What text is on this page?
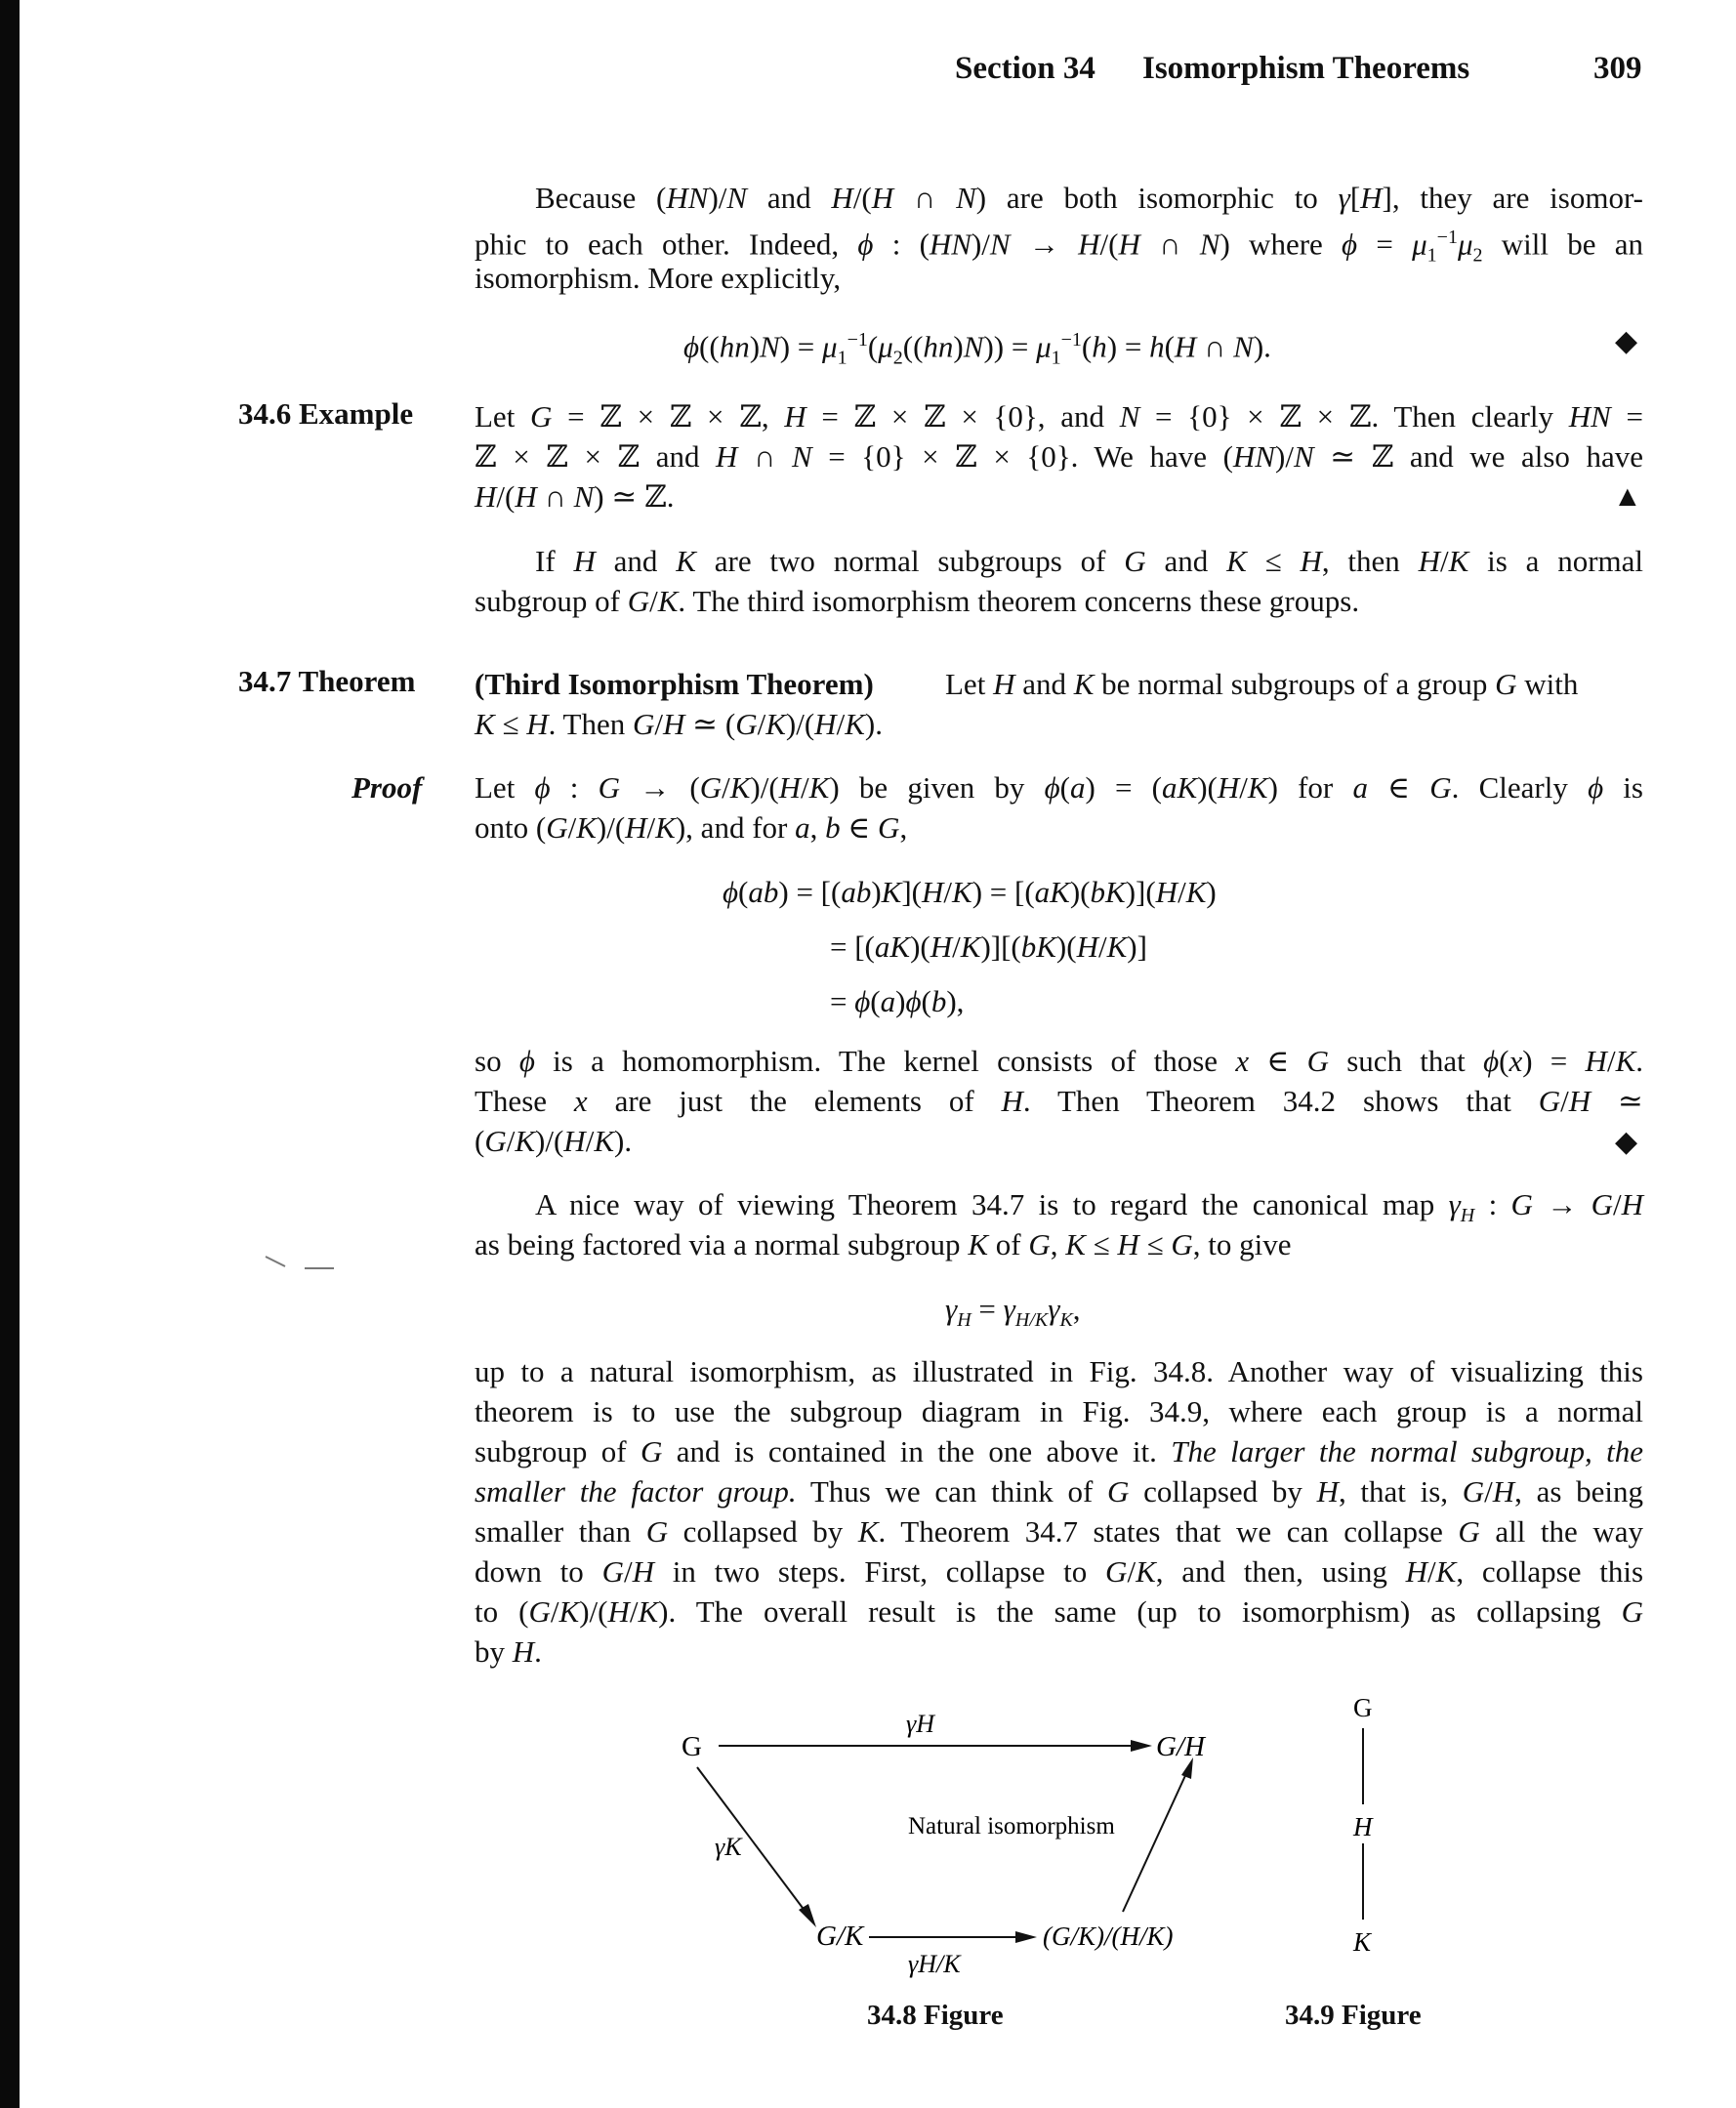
Section 34 Isomorphism Theorems	309
Because (HN)/N and H/(H ∩ N) are both isomorphic to γ[H], they are isomor-
phic to each other. Indeed, ϕ : (HN)/N → H/(H ∩ N) where $\phi = \mu_1^{-1}\mu_2$ will be an
isomorphism. More explicitly,
$\phi((hn)N) = \mu_1^{-1}(\mu_2((hn)N)) = \mu_1^{-1}(h) = h(H$ ∩ N).	◆
34.6 Example Let G = ℤ × ℤ × ℤ, H = ℤ × ℤ × {0}, and N = {0} × ℤ × ℤ. Then clearly HN =
ℤ × ℤ × ℤ and H ∩ N = {0} × ℤ × {0}. We have (HN)/N ≃ ℤ and we also have
H/(H ∩ N) ≃ ℤ.	▲
If H and K are two normal subgroups of G and K ≤ H, then H/K is a normal
subgroup of G/K. The third isomorphism theorem concerns these groups.
34.7 Theorem (Third Isomorphism Theorem) Let H and K be normal subgroups of a group G with
K ≤ H. Then G/H ≃ (G/K)/(H/K).
Proof Let ϕ : G → (G/K)/(H/K) be given by ϕ(a) = (aK)(H/K) for a ∈ G. Clearly ϕ is
onto (G/K)/(H/K), and for a, b ∈ G,
ϕ(ab) = [(ab)K](H/K) = [(aK)(bK)](H/K)
= [(aK)(H/K)][(bK)(H/K)]
= ϕ(a)ϕ(b),
so ϕ is a homomorphism. The kernel consists of those x ∈ G such that ϕ(x) = H/K.
These x are just the elements of H. Then Theorem 34.2 shows that G/H ≃
(G/K)/(H/K).	◆
A nice way of viewing Theorem 34.7 is to regard the canonical map $\gamma_H$ : G → G/H
as being factored via a normal subgroup K of G, K ≤ H ≤ G, to give
$\gamma_H = \gamma_{H/K}\gamma_K$,
up to a natural isomorphism, as illustrated in Fig. 34.8. Another way of visualizing this
theorem is to use the subgroup diagram in Fig. 34.9, where each group is a normal
subgroup of G and is contained in the one above it. The larger the normal subgroup, the
smaller the factor group. Thus we can think of G collapsed by H, that is, G/H, as being
smaller than G collapsed by K. Theorem 34.7 states that we can collapse G all the way
down to G/H in two steps. First, collapse to G/K, and then, using H/K, collapse this
to (G/K)/(H/K). The overall result is the same (up to isomorphism) as collapsing G
by H.
G	G/H
G/K	(G/K)/(H/K)
γH
γK
γH/K
Natural isomorphism
34.8 Figure
G
H
K
34.9 Figure
